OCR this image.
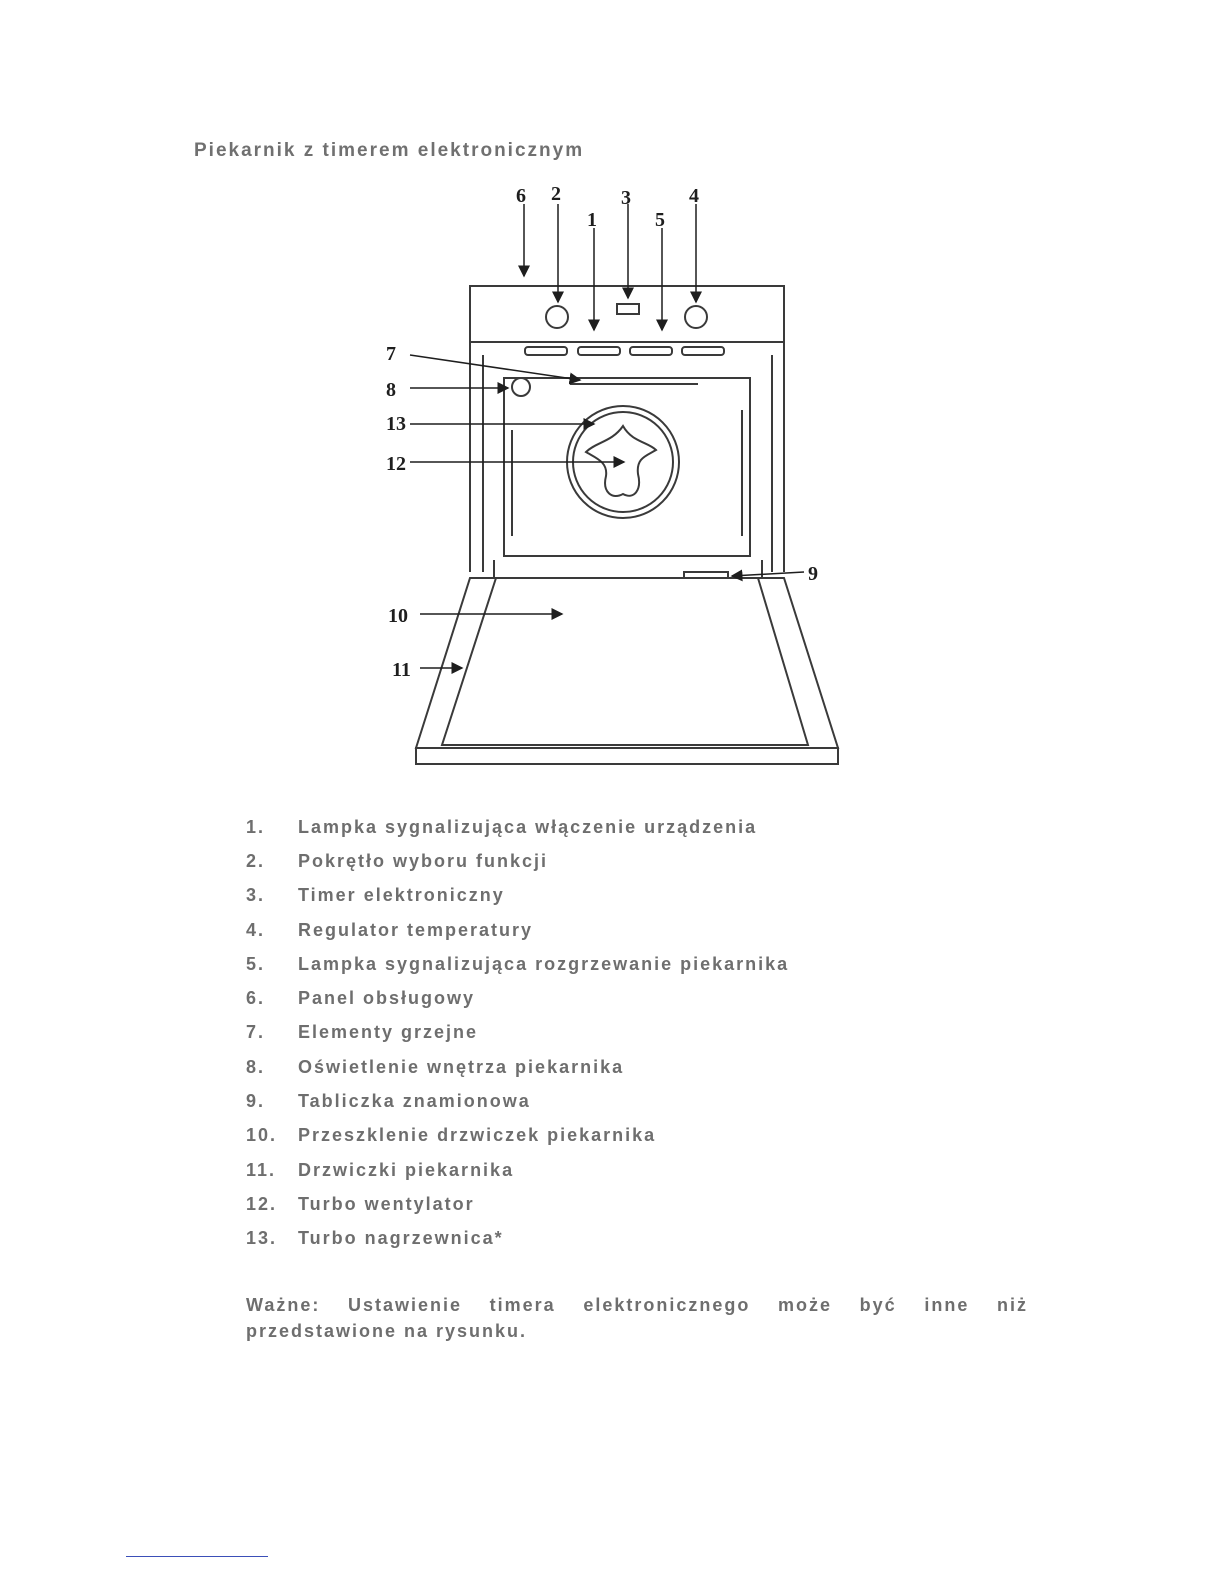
Piekarnik z timerem elektronicznym
6 2	3	4
1	5
7
8
13
12
9
10
11
1.	Lampka sygnalizująca włączenie urządzenia
2.	Pokrętło wyboru funkcji
3.	Timer elektroniczny
4.	Regulator temperatury
5.	Lampka sygnalizująca rozgrzewanie piekarnika
6.	Panel obsługowy
7.	Elementy grzejne
8.	Oświetlenie wnętrza piekarnika
9.	Tabliczka znamionowa
10.	Przeszklenie drzwiczek piekarnika
11.	Drzwiczki piekarnika
12.	Turbo wentylator
13.	Turbo nagrzewnica*
Ważne: Ustawienie timera elektronicznego może być inne niż przedstawione na rysunku.
